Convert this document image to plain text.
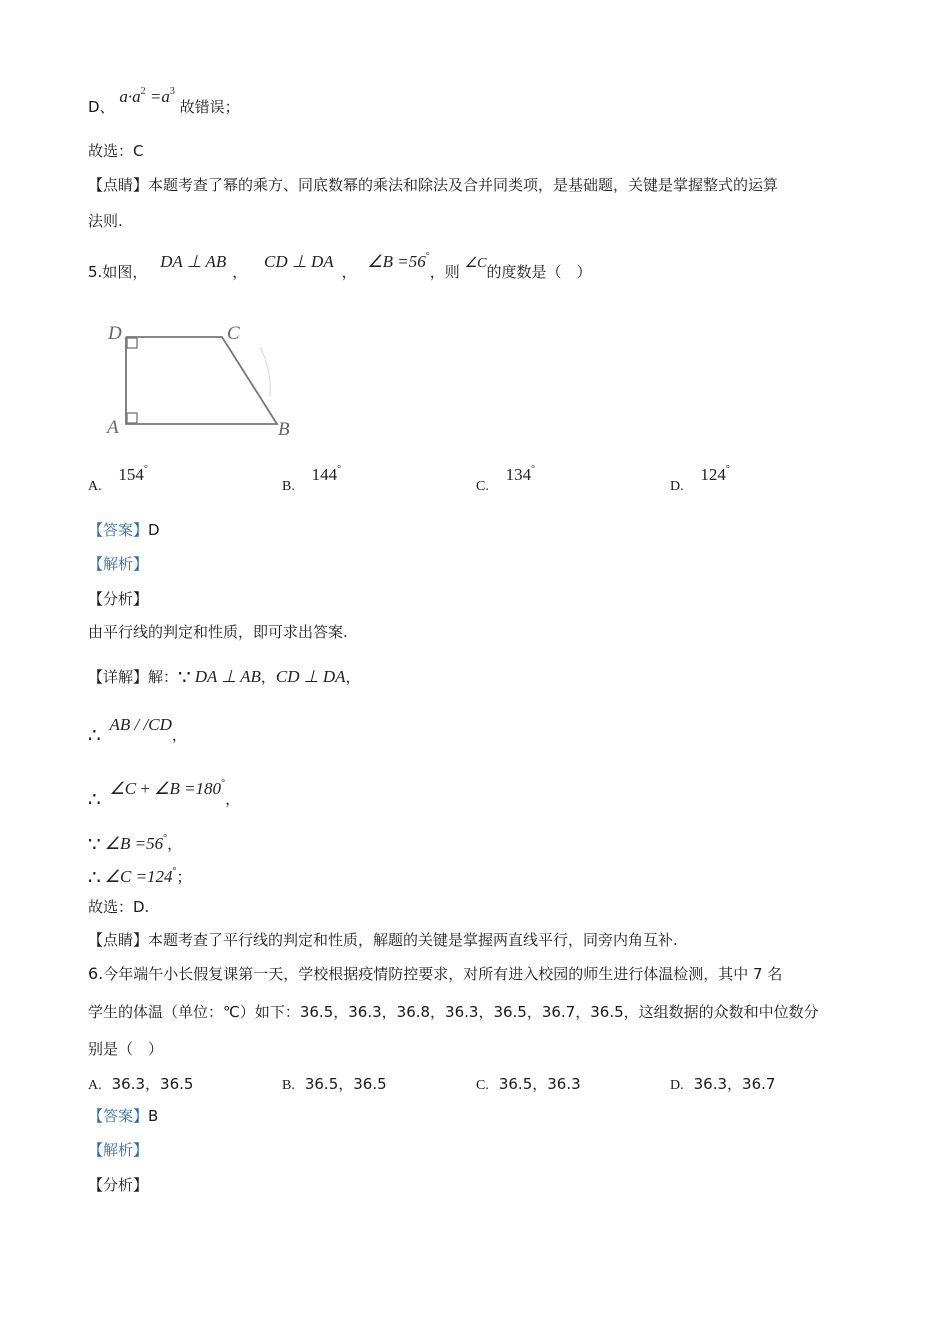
D、 $a\cdot a^2 =a^3$ 故错误；
故选：C
【点睛】本题考查了幂的乘方、同底数幂的乘法和除法及合并同类项，是基础题，关键是掌握整式的运算
法则.
5.如图， DA ⊥ AB， CD ⊥ DA， ∠B =56°，则 ∠C的度数是（　）
D	C
A	B
A. 154°
B. 144°
C. 134°
D. 124°
【答案】D
【解析】
【分析】
由平行线的判定和性质，即可求出答案.
【详解】解：∵ DA ⊥ AB，CD ⊥ DA，
∴ AB / /CD，
∴ ∠C + ∠B =180°，
∵ ∠B =56°，
∴ ∠C =124°；
故选：D.
【点睛】本题考查了平行线的判定和性质，解题的关键是掌握两直线平行，同旁内角互补.
6.今年端午小长假复课第一天，学校根据疫情防控要求，对所有进入校园的师生进行体温检测，其中 7 名
学生的体温（单位：℃）如下：36.5，36.3，36.8，36.3，36.5，36.7，36.5，这组数据的众数和中位数分
别是（　）
A. 36.3，36.5	B. 36.5，36.5	C. 36.5，36.3	D. 36.3，36.7
【答案】B
【解析】
【分析】
